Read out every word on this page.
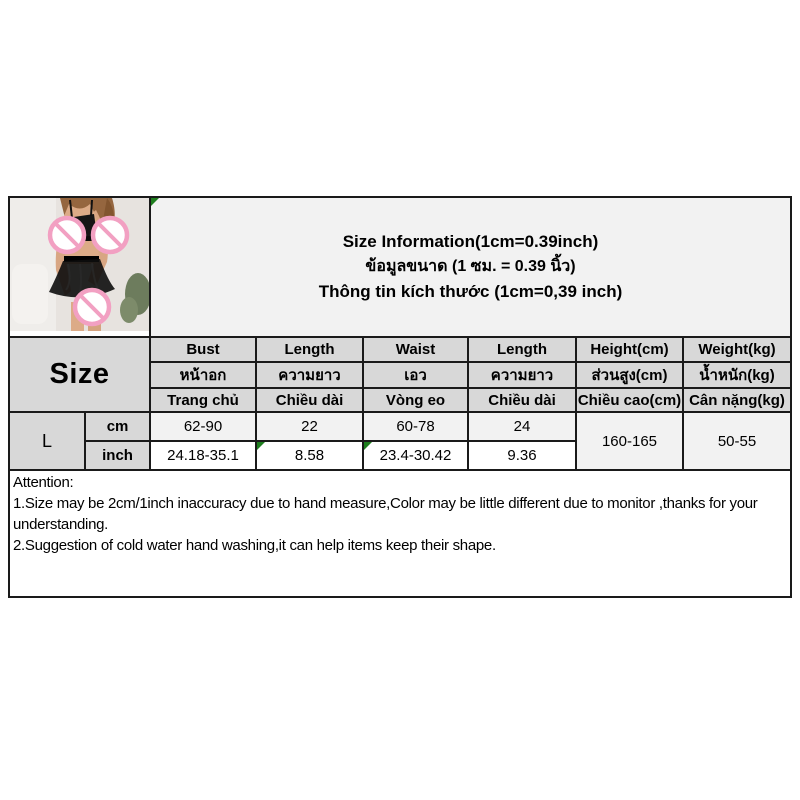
Size Information(1cm=0.39inch)
ข้อมูลขนาด (1 ซม. = 0.39 นิ้ว)
Thông tin kích thước (1cm=0,39 inch)					

Size		Bust	Length	Waist	Length	Height(cm)	Weight(kg)
		หน้าอก	ความยาว	เอว	ความยาว	ส่วนสูง(cm)	น้ำหนัก(kg)
		Trang chủ	Chiều dài	Vòng eo	Chiều dài	Chiều cao(cm)	Cân nặng(kg)
L	cm	62-90	22	60-78	24	160-165	50-55
	inch	24.18-35.1	8.58	23.4-30.42	9.36		

Attention:
1.Size may be 2cm/1inch inaccuracy due to hand measure,Color may be little different due to monitor ,thanks for your understanding.
2.Suggestion of cold water hand washing,it can help items keep their shape.							
